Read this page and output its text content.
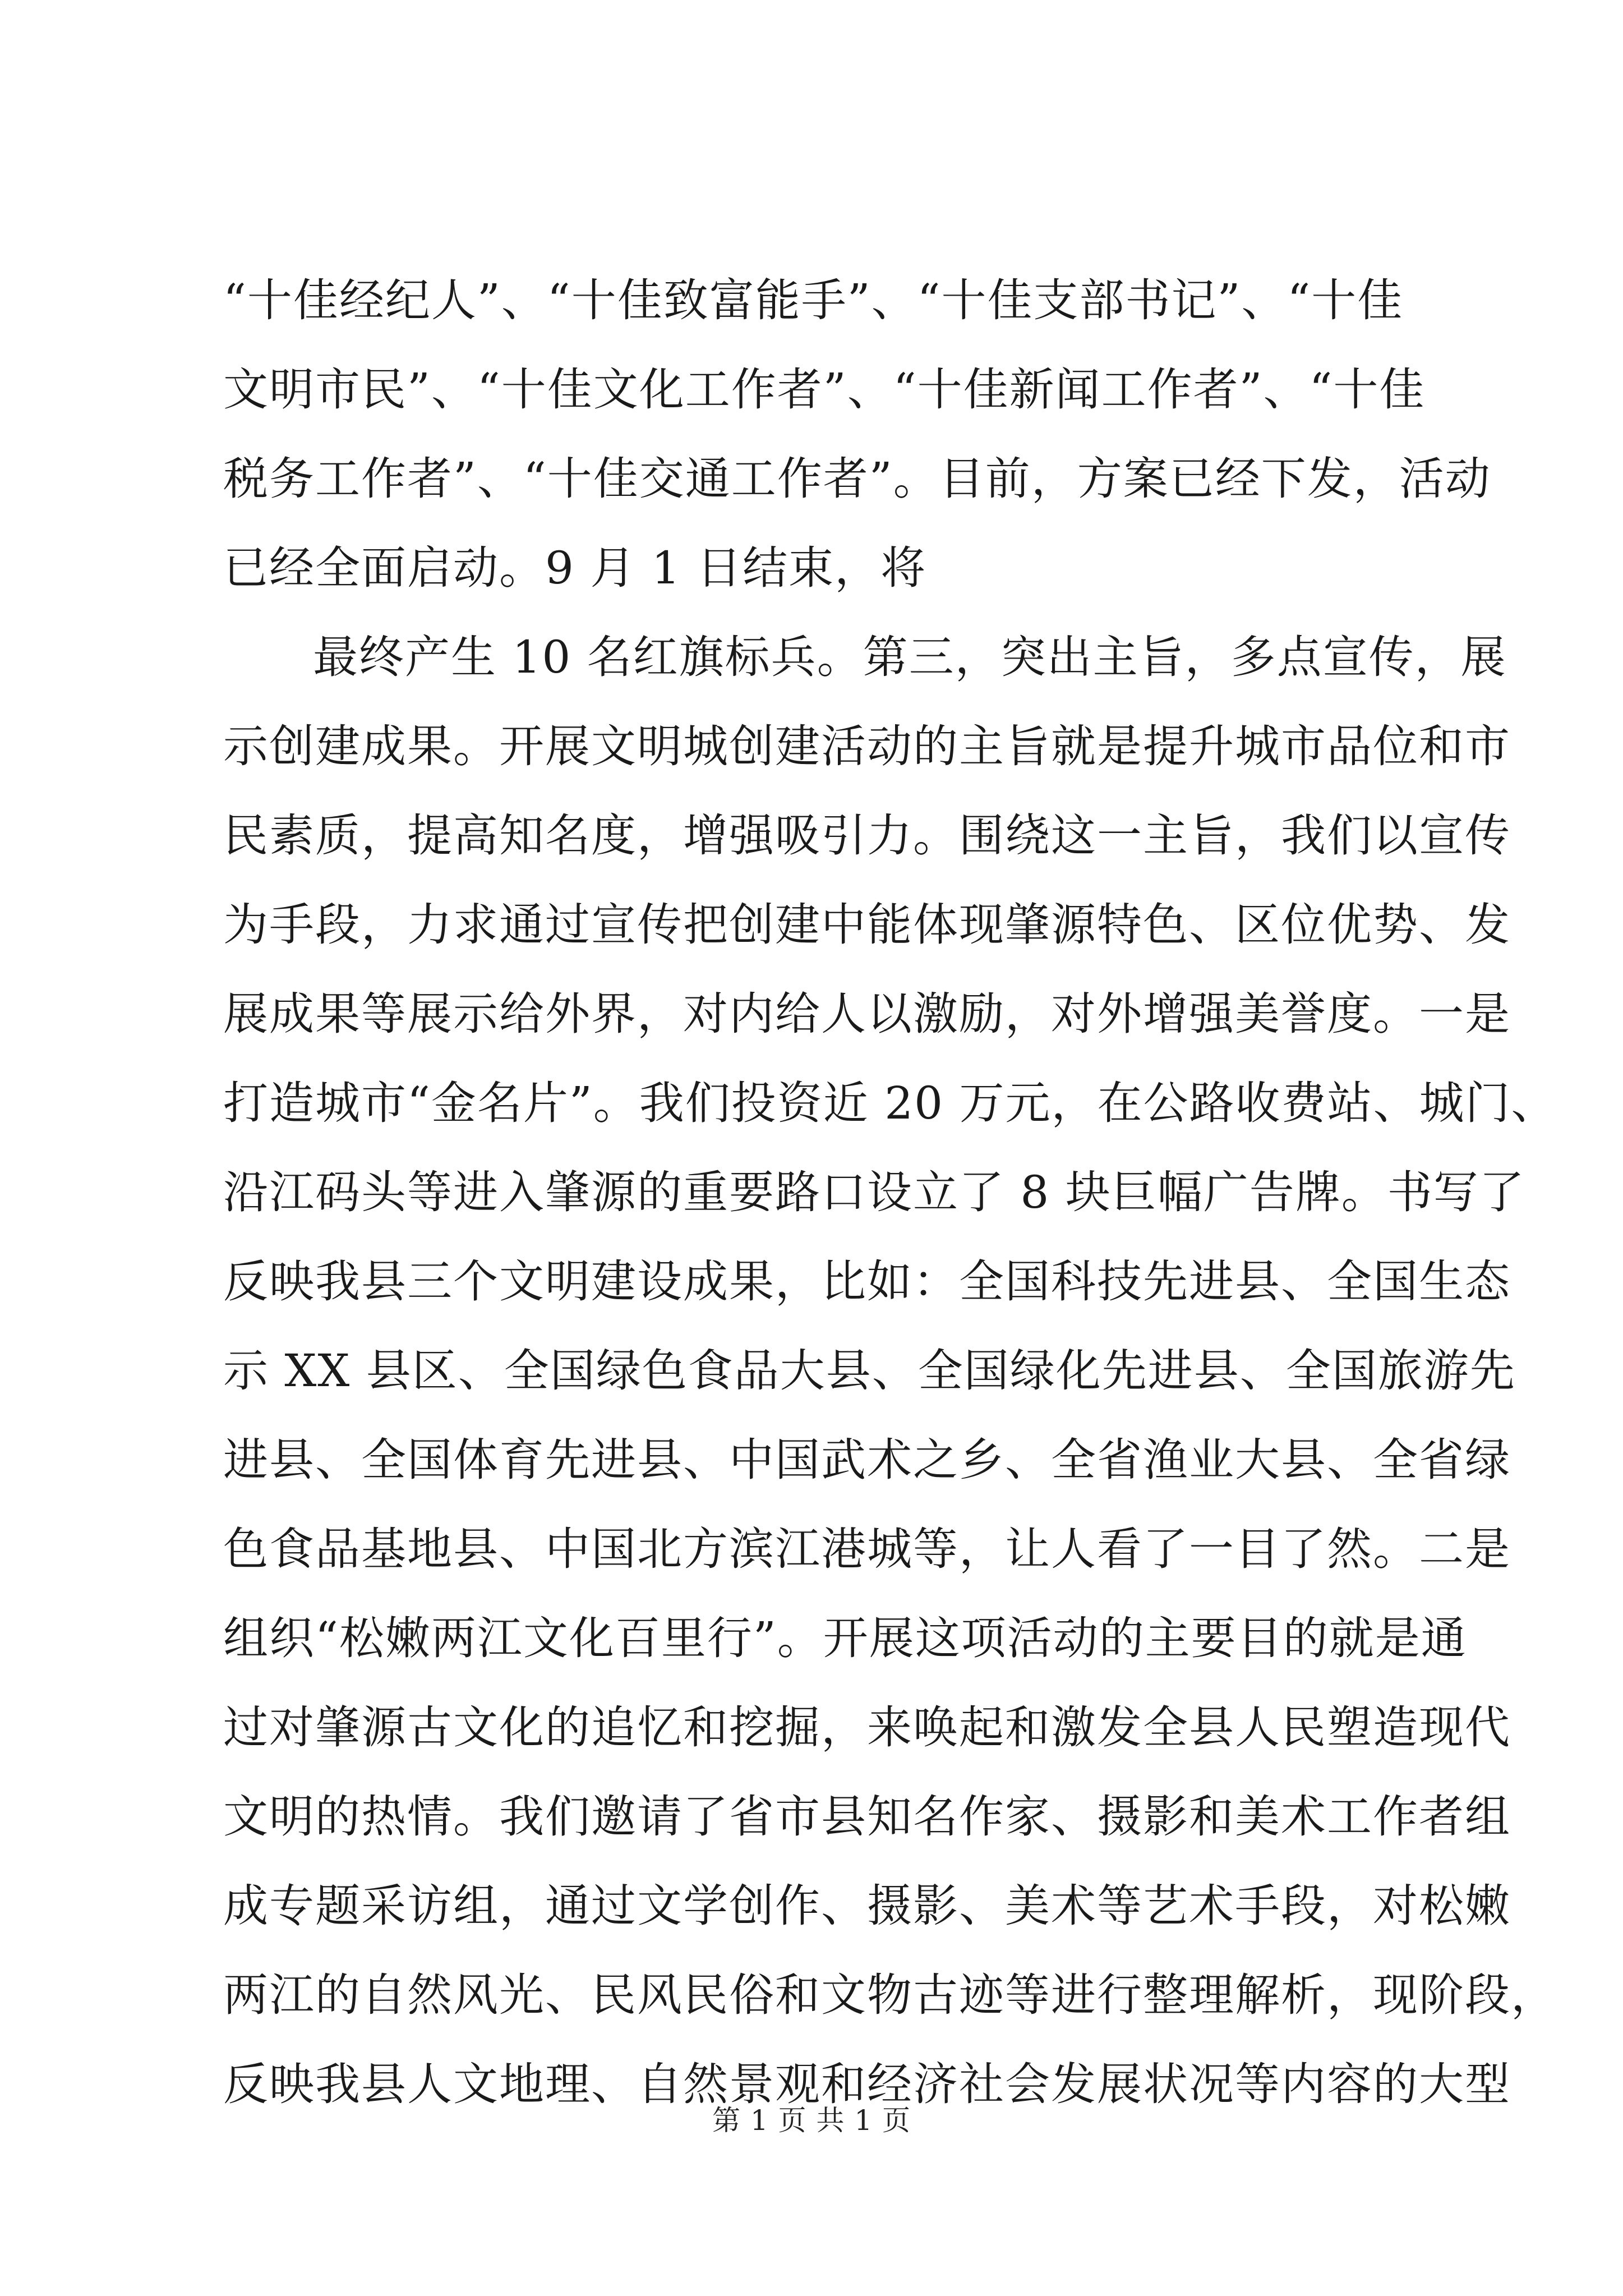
“十佳经纪人”、“十佳致富能手”、“十佳支部书记”、“十佳
文明市民”、“十佳文化工作者”、“十佳新闻工作者”、“十佳
税务工作者”、“十佳交通工作者”。目前，方案已经下发，活动
已经全面启动。9 月 1 日结束，将
最终产生 10 名红旗标兵。第三，突出主旨，多点宣传，展
示创建成果。开展文明城创建活动的主旨就是提升城市品位和市
民素质，提高知名度，增强吸引力。围绕这一主旨，我们以宣传
为手段，力求通过宣传把创建中能体现肇源特色、区位优势、发
展成果等展示给外界，对内给人以激励，对外增强美誉度。一是
打造城市“金名片”。我们投资近 20 万元，在公路收费站、城门、
沿江码头等进入肇源的重要路口设立了 8 块巨幅广告牌。书写了
反映我县三个文明建设成果，比如：全国科技先进县、全国生态
示 XX 县区、全国绿色食品大县、全国绿化先进县、全国旅游先
进县、全国体育先进县、中国武术之乡、全省渔业大县、全省绿
色食品基地县、中国北方滨江港城等，让人看了一目了然。二是
组织“松嫩两江文化百里行”。开展这项活动的主要目的就是通
过对肇源古文化的追忆和挖掘，来唤起和激发全县人民塑造现代
文明的热情。我们邀请了省市县知名作家、摄影和美术工作者组
成专题采访组，通过文学创作、摄影、美术等艺术手段，对松嫩
两江的自然风光、民风民俗和文物古迹等进行整理解析，现阶段，
反映我县人文地理、自然景观和经济社会发展状况等内容的大型
第 1 页 共 1 页
